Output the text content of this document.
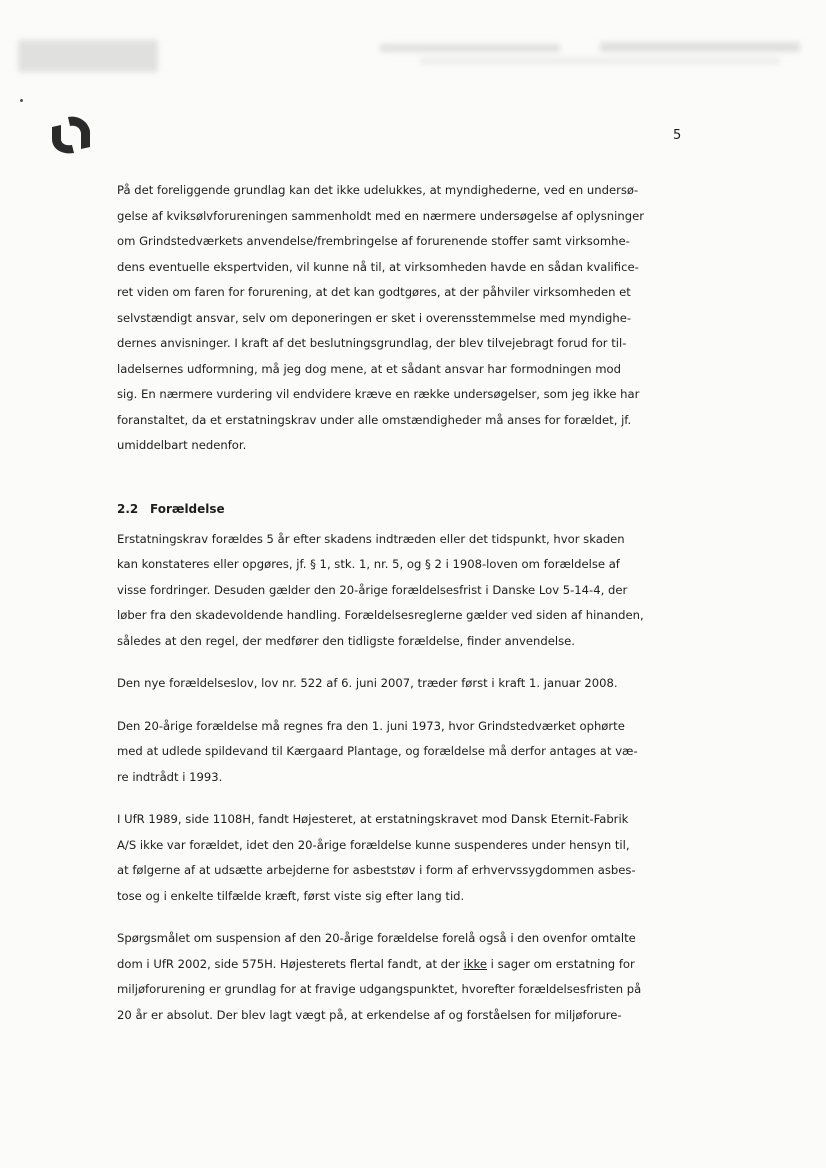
5

På det foreliggende grundlag kan det ikke udelukkes, at myndighederne, ved en undersø-
gelse af kviksølvforureningen sammenholdt med en nærmere undersøgelse af oplysninger
om Grindstedværkets anvendelse/frembringelse af forurenende stoffer samt virksomhe-
dens eventuelle ekspertviden, vil kunne nå til, at virksomheden havde en sådan kvalifice-
ret viden om faren for forurening, at det kan godtgøres, at der påhviler virksomheden et
selvstændigt ansvar, selv om deponeringen er sket i overensstemmelse med myndighe-
dernes anvisninger. I kraft af det beslutningsgrundlag, der blev tilvejebragt forud for til-
ladelsernes udformning, må jeg dog mene, at et sådant ansvar har formodningen mod
sig. En nærmere vurdering vil endvidere kræve en række undersøgelser, som jeg ikke har
foranstaltet, da et erstatningskrav under alle omstændigheder må anses for forældet, jf.
umiddelbart nedenfor.

2.2 Forældelse

Erstatningskrav forældes 5 år efter skadens indtræden eller det tidspunkt, hvor skaden
kan konstateres eller opgøres, jf. § 1, stk. 1, nr. 5, og § 2 i 1908-loven om forældelse af
visse fordringer. Desuden gælder den 20-årige forældelsesfrist i Danske Lov 5-14-4, der
løber fra den skadevoldende handling. Forældelsesreglerne gælder ved siden af hinanden,
således at den regel, der medfører den tidligste forældelse, finder anvendelse.

Den nye forældelseslov, lov nr. 522 af 6. juni 2007, træder først i kraft 1. januar 2008.

Den 20-årige forældelse må regnes fra den 1. juni 1973, hvor Grindstedværket ophørte
med at udlede spildevand til Kærgaard Plantage, og forældelse må derfor antages at væ-
re indtrådt i 1993.

I UfR 1989, side 1108H, fandt Højesteret, at erstatningskravet mod Dansk Eternit-Fabrik
A/S ikke var forældet, idet den 20-årige forældelse kunne suspenderes under hensyn til,
at følgerne af at udsætte arbejderne for asbeststøv i form af erhvervssygdommen asbes-
tose og i enkelte tilfælde kræft, først viste sig efter lang tid.

Spørgsmålet om suspension af den 20-årige forældelse forelå også i den ovenfor omtalte
dom i UfR 2002, side 575H. Højesterets flertal fandt, at der ikke i sager om erstatning for
miljøforurening er grundlag for at fravige udgangspunktet, hvorefter forældelsesfristen på
20 år er absolut. Der blev lagt vægt på, at erkendelse af og forståelsen for miljøforure-
